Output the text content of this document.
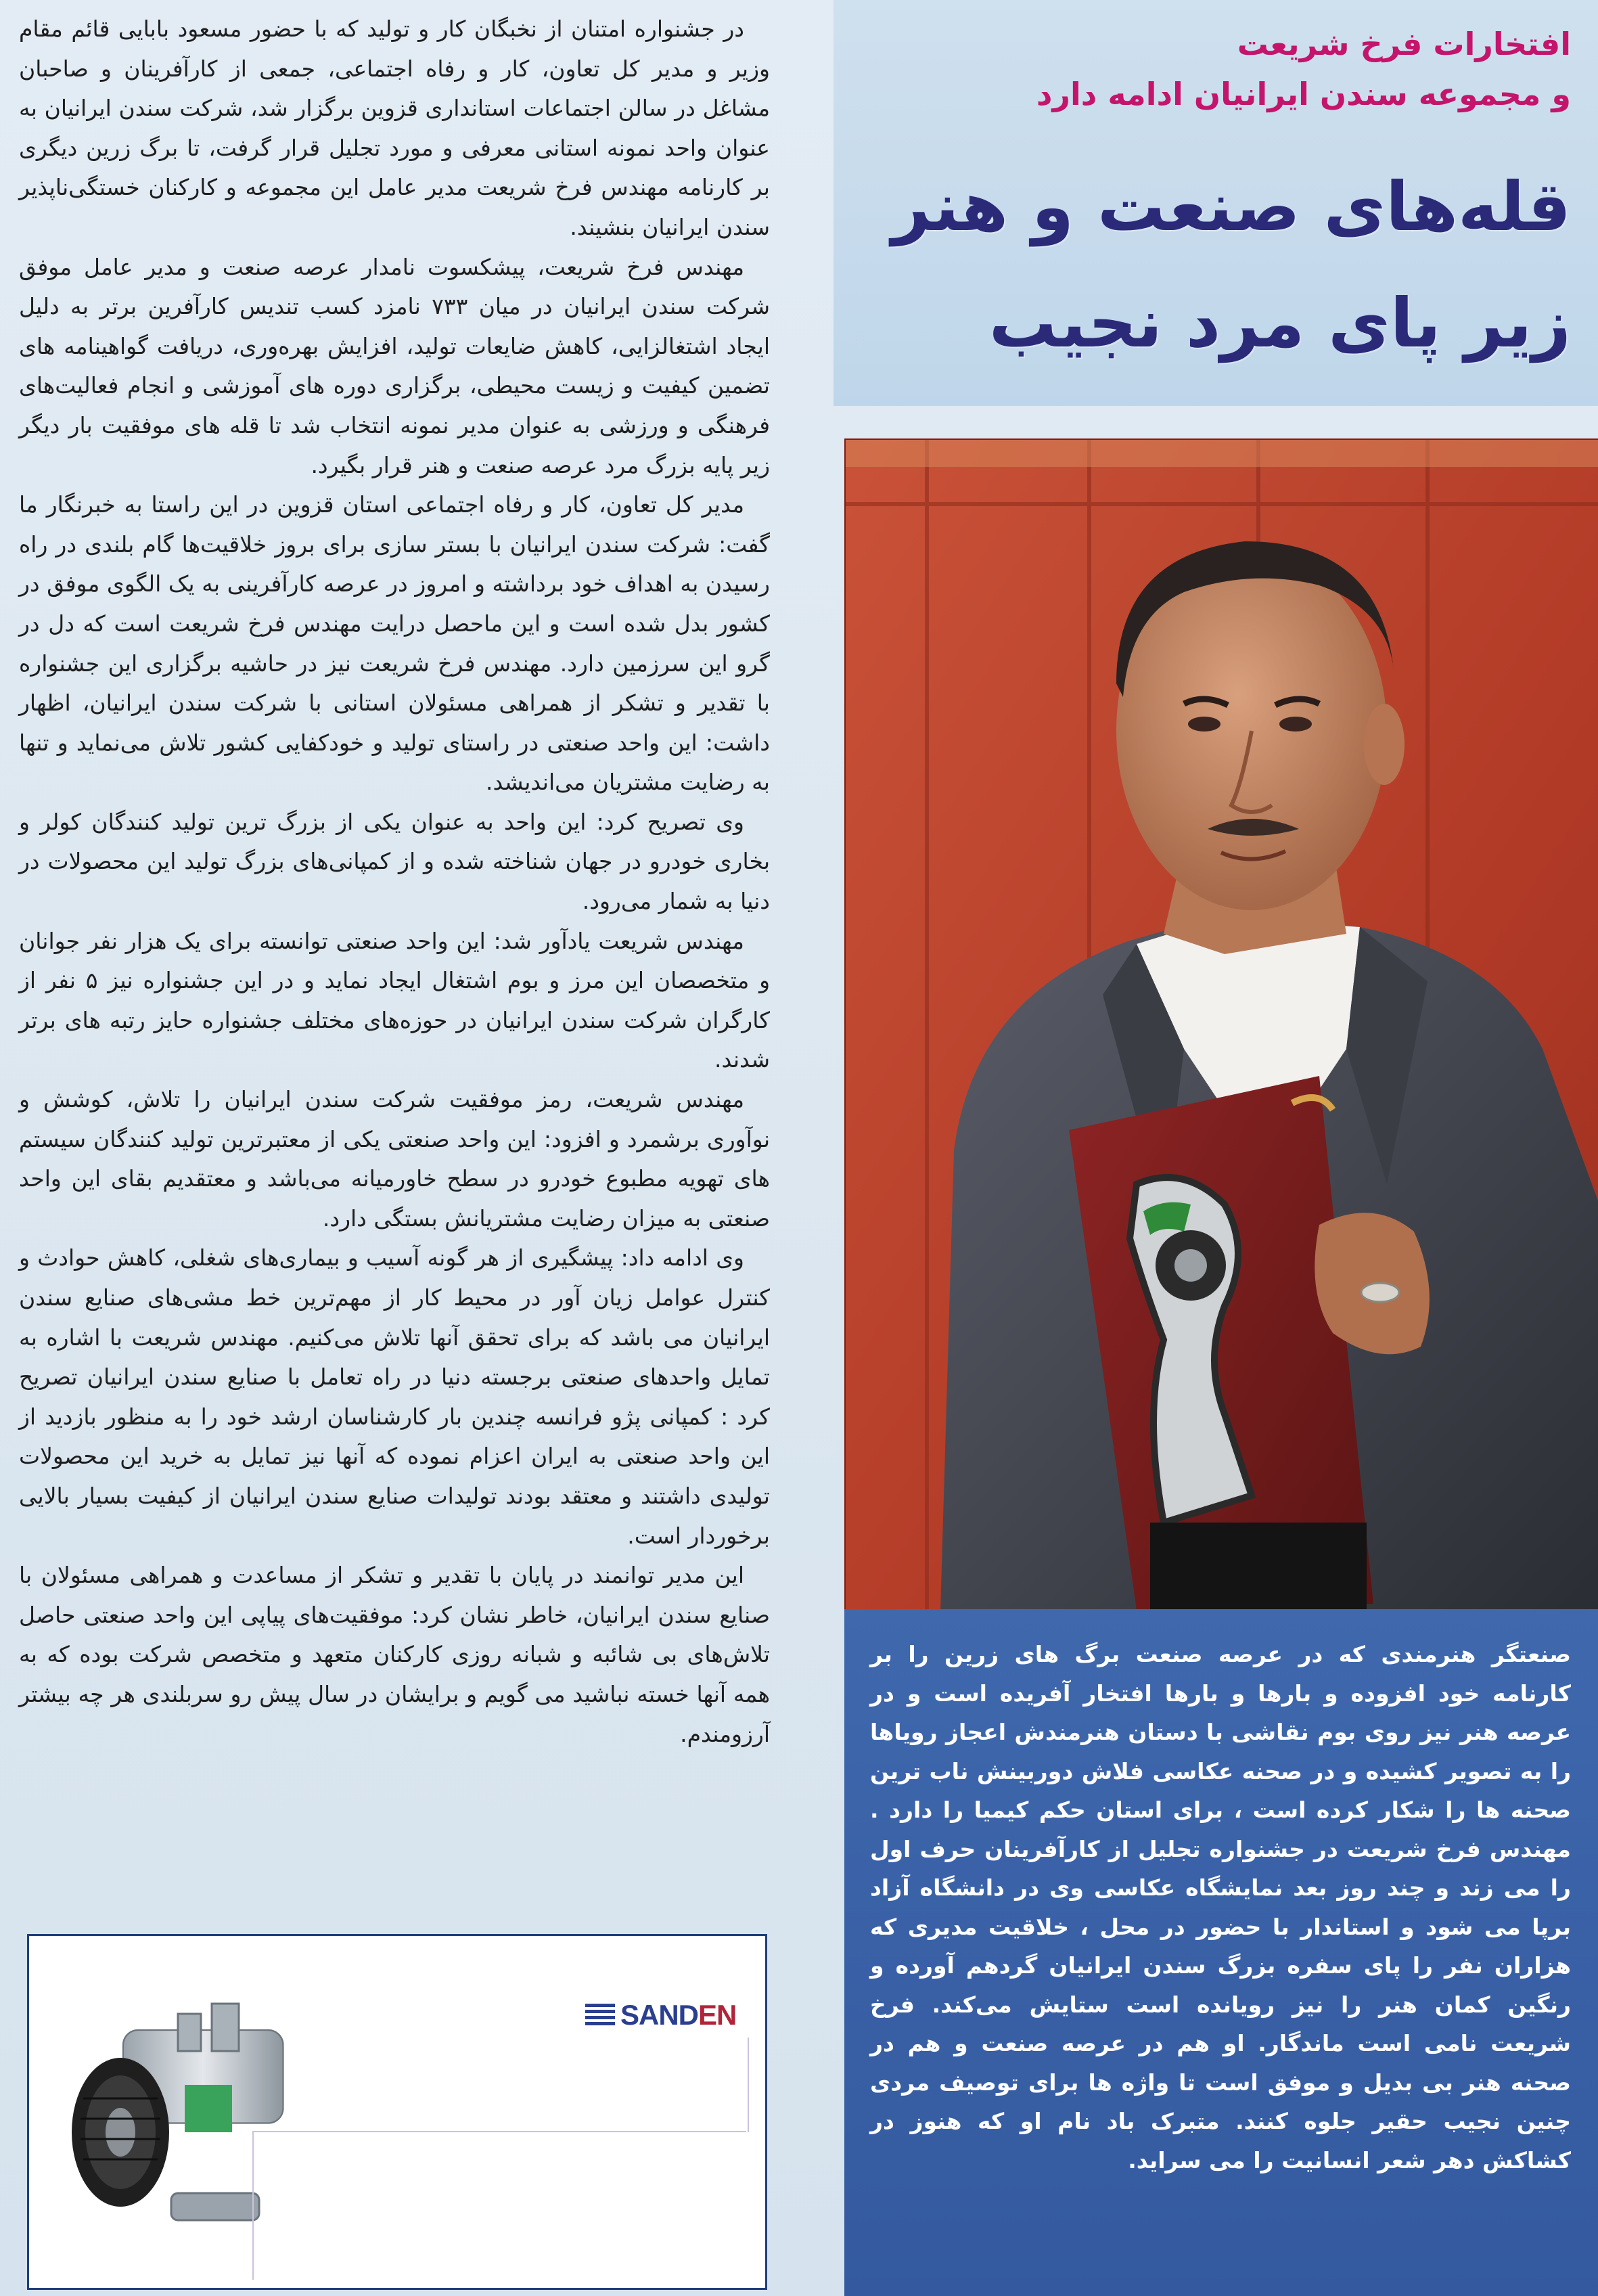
افتخارات فرخ شریعت
و مجموعه سندن ایرانیان ادامه دارد
قله‌های صنعت و هنر
زیر پای مرد نجیب
صنعتگر هنرمندی که در عرصه صنعت برگ های زرین را بر کارنامه خود افزوده و بارها و بارها افتخار آفریده است و در عرصه هنر نیز روی بوم نقاشی با دستان هنرمندش اعجاز رویاها را به تصویر کشیده و در صحنه عکاسی فلاش دوربینش ناب ترین صحنه ها را شکار کرده است ، برای استان حکم کیمیا را دارد . مهندس فرخ شریعت در جشنواره تجلیل از کارآفرینان حرف اول را می زند و چند روز بعد نمایشگاه عکاسی وی در دانشگاه آزاد برپا می شود و استاندار با حضور در محل ، خلاقیت مدیری که هزاران نفر را پای سفره بزرگ سندن ایرانیان گردهم آورده و رنگین کمان هنر را نیز رویانده است ستایش می‌کند. فرخ شریعت نامی است ماندگار. او هم در عرصه صنعت و هم در صحنه هنر بی بدیل و موفق است تا واژه ها برای توصیف مردی چنین نجیب حقیر جلوه کنند. متبرک باد نام او که هنوز در کشاکش دهر شعر انسانیت را می سراید.

در جشنواره امتنان از نخبگان کار و تولید که با حضور مسعود بابایی قائم مقام وزیر و مدیر کل تعاون، کار و رفاه اجتماعی، جمعی از کارآفرینان و صاحبان مشاغل در سالن اجتماعات استانداری قزوین برگزار شد، شرکت سندن ایرانیان به عنوان واحد نمونه استانی معرفی و مورد تجلیل قرار گرفت، تا برگ زرین دیگری بر کارنامه مهندس فرخ شریعت مدیر عامل این مجموعه و کارکنان خستگی‌ناپذیر سندن ایرانیان بنشیند.

مهندس فرخ شریعت، پیشکسوت نامدار عرصه صنعت و مدیر عامل موفق شرکت سندن ایرانیان در میان ۷۳۳ نامزد کسب تندیس کارآفرین برتر به دلیل ایجاد اشتغالزایی، کاهش ضایعات تولید، افزایش بهره‌وری، دریافت گواهینامه های تضمین کیفیت و زیست محیطی، برگزاری دوره های آموزشی و انجام فعالیت‌های فرهنگی و ورزشی به عنوان مدیر نمونه انتخاب شد تا قله های موفقیت بار دیگر زیر پایه بزرگ مرد عرصه صنعت و هنر قرار بگیرد.

مدیر کل تعاون، کار و رفاه اجتماعی استان قزوین در این راستا به خبرنگار ما گفت: شرکت سندن ایرانیان با بستر سازی برای بروز خلاقیت‌ها گام بلندی در راه رسیدن به اهداف خود برداشته و امروز در عرصه کارآفرینی به یک الگوی موفق در کشور بدل شده است و این ماحصل درایت مهندس فرخ شریعت است که دل در گرو این سرزمین دارد. مهندس فرخ شریعت نیز در حاشیه برگزاری این جشنواره با تقدیر و تشکر از همراهی مسئولان استانی با شرکت سندن ایرانیان، اظهار داشت: این واحد صنعتی در راستای تولید و خودکفایی کشور تلاش می‌نماید و تنها به رضایت مشتریان می‌اندیشد.

وی تصریح کرد: این واحد به عنوان یکی از بزرگ ترین تولید کنندگان کولر و بخاری خودرو در جهان شناخته شده و از کمپانی‌های بزرگ تولید این محصولات در دنیا به شمار می‌رود.

مهندس شریعت یادآور شد: این واحد صنعتی توانسته برای یک هزار نفر جوانان و متخصصان این مرز و بوم اشتغال ایجاد نماید و در این جشنواره نیز ۵ نفر از کارگران شرکت سندن ایرانیان در حوزه‌های مختلف جشنواره حایز رتبه های برتر شدند.

مهندس شریعت، رمز موفقیت شرکت سندن ایرانیان را تلاش، کوشش و نوآوری برشمرد و افزود: این واحد صنعتی یکی از معتبرترین تولید کنندگان سیستم های تهویه مطبوع خودرو در سطح خاورمیانه می‌باشد و معتقدیم بقای این واحد صنعتی به میزان رضایت مشتریانش بستگی دارد.

وی ادامه داد: پیشگیری از هر گونه آسیب و بیماری‌های شغلی، کاهش حوادث و کنترل عوامل زیان آور در محیط کار از مهم‌ترین خط مشی‌های صنایع سندن ایرانیان می باشد که برای تحقق آنها تلاش می‌کنیم. مهندس شریعت با اشاره به تمایل واحدهای صنعتی برجسته دنیا در راه تعامل با صنایع سندن ایرانیان تصریح کرد : کمپانی پژو فرانسه چندین بار کارشناسان ارشد خود را به منظور بازدید از این واحد صنعتی به ایران اعزام نموده که آنها نیز تمایل به خرید این محصولات تولیدی داشتند و معتقد بودند تولیدات صنایع سندن ایرانیان از کیفیت بسیار بالایی برخوردار است.

این مدیر توانمند در پایان با تقدیر و تشکر از مساعدت و همراهی مسئولان با صنایع سندن ایرانیان، خاطر نشان کرد: موفقیت‌های پیاپی این واحد صنعتی حاصل تلاش‌های بی شائبه و شبانه روزی کارکنان متعهد و متخصص شرکت بوده که به همه آنها خسته نباشید می گویم و برایشان در سال پیش رو سربلندی هر چه بیشتر آرزومندم.

SANDEN
